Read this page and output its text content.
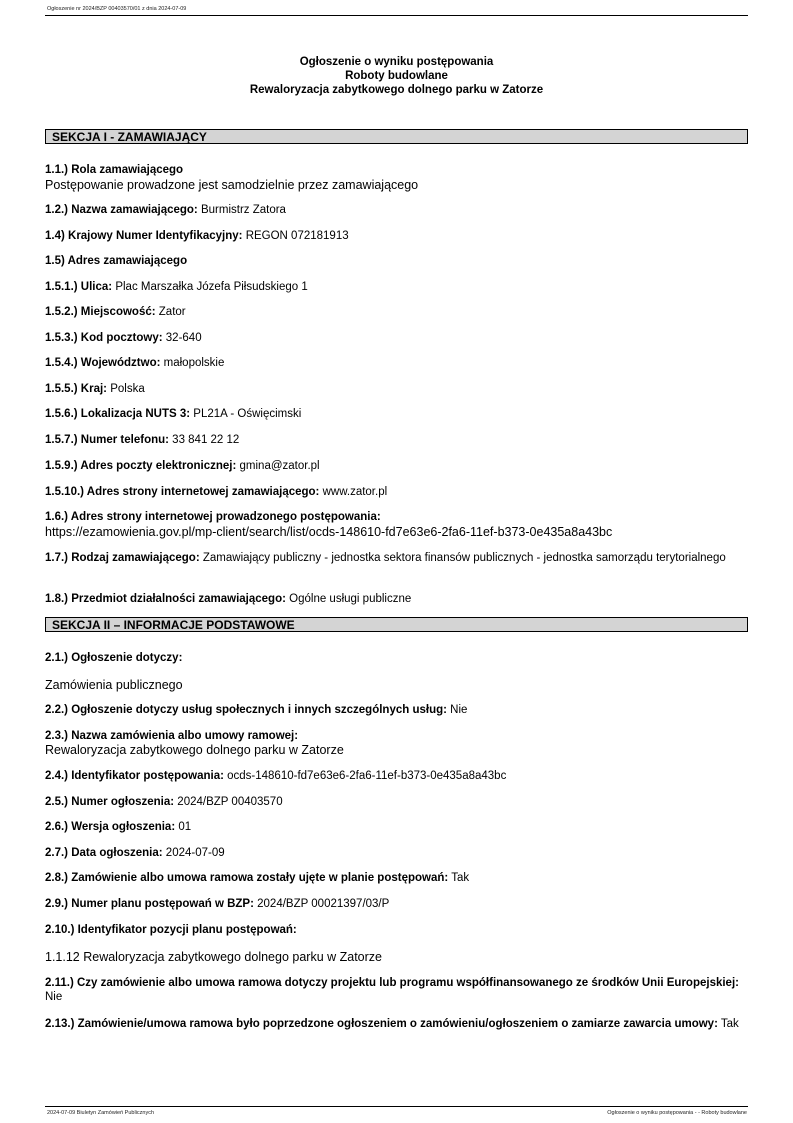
Ogłoszenie nr 2024/BZP 00403570/01 z dnia 2024-07-09
Ogłoszenie o wyniku postępowania
Roboty budowlane
Rewaloryzacja zabytkowego dolnego parku w Zatorze
SEKCJA I - ZAMAWIAJĄCY
1.1.) Rola zamawiającego
Postępowanie prowadzone jest samodzielnie przez zamawiającego
1.2.) Nazwa zamawiającego: Burmistrz Zatora
1.4) Krajowy Numer Identyfikacyjny: REGON 072181913
1.5) Adres zamawiającego
1.5.1.) Ulica: Plac Marszałka Józefa Piłsudskiego 1
1.5.2.) Miejscowość: Zator
1.5.3.) Kod pocztowy: 32-640
1.5.4.) Województwo: małopolskie
1.5.5.) Kraj: Polska
1.5.6.) Lokalizacja NUTS 3: PL21A - Oświęcimski
1.5.7.) Numer telefonu: 33 841 22 12
1.5.9.) Adres poczty elektronicznej: gmina@zator.pl
1.5.10.) Adres strony internetowej zamawiającego: www.zator.pl
1.6.) Adres strony internetowej prowadzonego postępowania:
https://ezamowienia.gov.pl/mp-client/search/list/ocds-148610-fd7e63e6-2fa6-11ef-b373-0e435a8a43bc
1.7.) Rodzaj zamawiającego: Zamawiający publiczny - jednostka sektora finansów publicznych - jednostka samorządu terytorialnego
1.8.) Przedmiot działalności zamawiającego: Ogólne usługi publiczne
SEKCJA II – INFORMACJE PODSTAWOWE
2.1.) Ogłoszenie dotyczy:
Zamówienia publicznego
2.2.) Ogłoszenie dotyczy usług społecznych i innych szczególnych usług: Nie
2.3.) Nazwa zamówienia albo umowy ramowej:
Rewaloryzacja zabytkowego dolnego parku w Zatorze
2.4.) Identyfikator postępowania: ocds-148610-fd7e63e6-2fa6-11ef-b373-0e435a8a43bc
2.5.) Numer ogłoszenia: 2024/BZP 00403570
2.6.) Wersja ogłoszenia: 01
2.7.) Data ogłoszenia: 2024-07-09
2.8.) Zamówienie albo umowa ramowa zostały ujęte w planie postępowań: Tak
2.9.) Numer planu postępowań w BZP: 2024/BZP 00021397/03/P
2.10.) Identyfikator pozycji planu postępowań:
1.1.12 Rewaloryzacja zabytkowego dolnego parku w Zatorze
2.11.) Czy zamówienie albo umowa ramowa dotyczy projektu lub programu współfinansowanego ze środków Unii Europejskiej: Nie
2.13.) Zamówienie/umowa ramowa było poprzedzone ogłoszeniem o zamówieniu/ogłoszeniem o zamiarze zawarcia umowy: Tak
2024-07-09 Biuletyn Zamówień Publicznych	Ogłoszenie o wyniku postępowania - - Roboty budowlane
